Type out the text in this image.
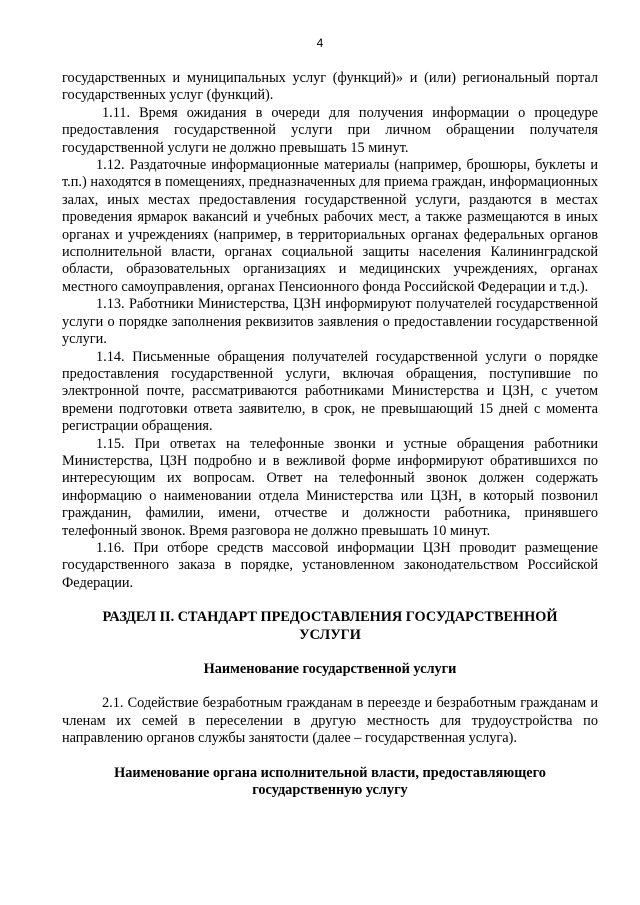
4

государственных и муниципальных услуг (функций)» и (или) региональный портал государственных услуг (функций).

1.11. Время ожидания в очереди для получения информации о процедуре предоставления государственной услуги при личном обращении получателя государственной услуги не должно превышать 15 минут.

1.12. Раздаточные информационные материалы (например, брошюры, буклеты и т.п.) находятся в помещениях, предназначенных для приема граждан, информационных залах, иных местах предоставления государственной услуги, раздаются в местах проведения ярмарок вакансий и учебных рабочих мест, а также размещаются в иных органах и учреждениях (например, в территориальных органах федеральных органов исполнительной власти, органах социальной защиты населения Калининградской области, образовательных организациях и медицинских учреждениях, органах местного самоуправления, органах Пенсионного фонда Российской Федерации и т.д.).

1.13. Работники Министерства, ЦЗН информируют получателей государственной услуги о порядке заполнения реквизитов заявления о предоставлении государственной услуги.

1.14. Письменные обращения получателей государственной услуги о порядке предоставления государственной услуги, включая обращения, поступившие по электронной почте, рассматриваются работниками Министерства и ЦЗН, с учетом времени подготовки ответа заявителю, в срок, не превышающий 15 дней с момента регистрации обращения.

1.15. При ответах на телефонные звонки и устные обращения работники Министерства, ЦЗН подробно и в вежливой форме информируют обратившихся по интересующим их вопросам. Ответ на телефонный звонок должен содержать информацию о наименовании отдела Министерства или ЦЗН, в который позвонил гражданин, фамилии, имени, отчестве и должности работника, принявшего телефонный звонок. Время разговора не должно превышать 10 минут.

1.16. При отборе средств массовой информации ЦЗН проводит размещение государственного заказа в порядке, установленном законодательством Российской Федерации.

РАЗДЕЛ II. СТАНДАРТ ПРЕДОСТАВЛЕНИЯ ГОСУДАРСТВЕННОЙ УСЛУГИ

Наименование государственной услуги

2.1. Содействие безработным гражданам в переезде и безработным гражданам и членам их семей в переселении в другую местность для трудоустройства по направлению органов службы занятости (далее – государственная услуга).

Наименование органа исполнительной власти, предоставляющего государственную услугу
